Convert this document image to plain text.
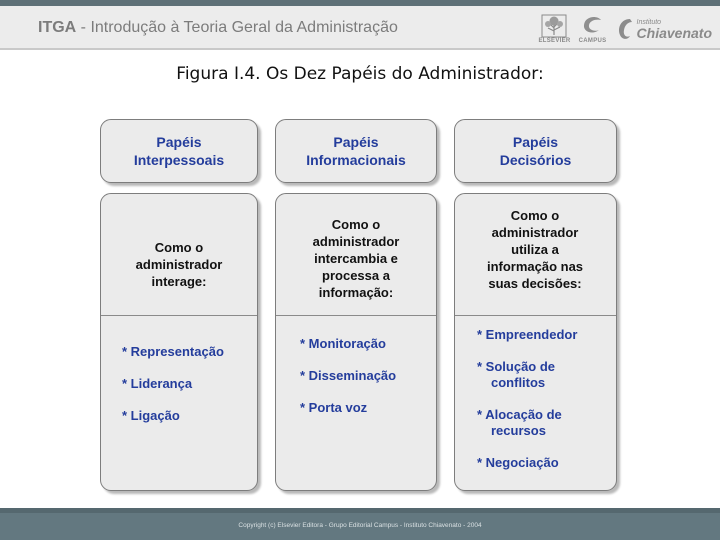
ITGA - Introdução à Teoria Geral da Administração
ELSEVIER CAMPUS
Instituto
Chiavenato
Figura I.4. Os Dez Papéis do Administrador:
Papéis
Interpessoais
Papéis
Informacionais
Papéis
Decisórios
Como o
administrador
interage:
* Representação
* Liderança
* Ligação
Como o
administrador
intercambia e
processa a
informação:
* Monitoração
* Disseminação
* Porta voz
Como o
administrador
utiliza a
informação nas
suas decisões:
* Empreendedor
* Solução de
conflitos
* Alocação de
recursos
* Negociação
Copyright (c) Elsevier Editora - Grupo Editorial Campus - Instituto Chiavenato - 2004
